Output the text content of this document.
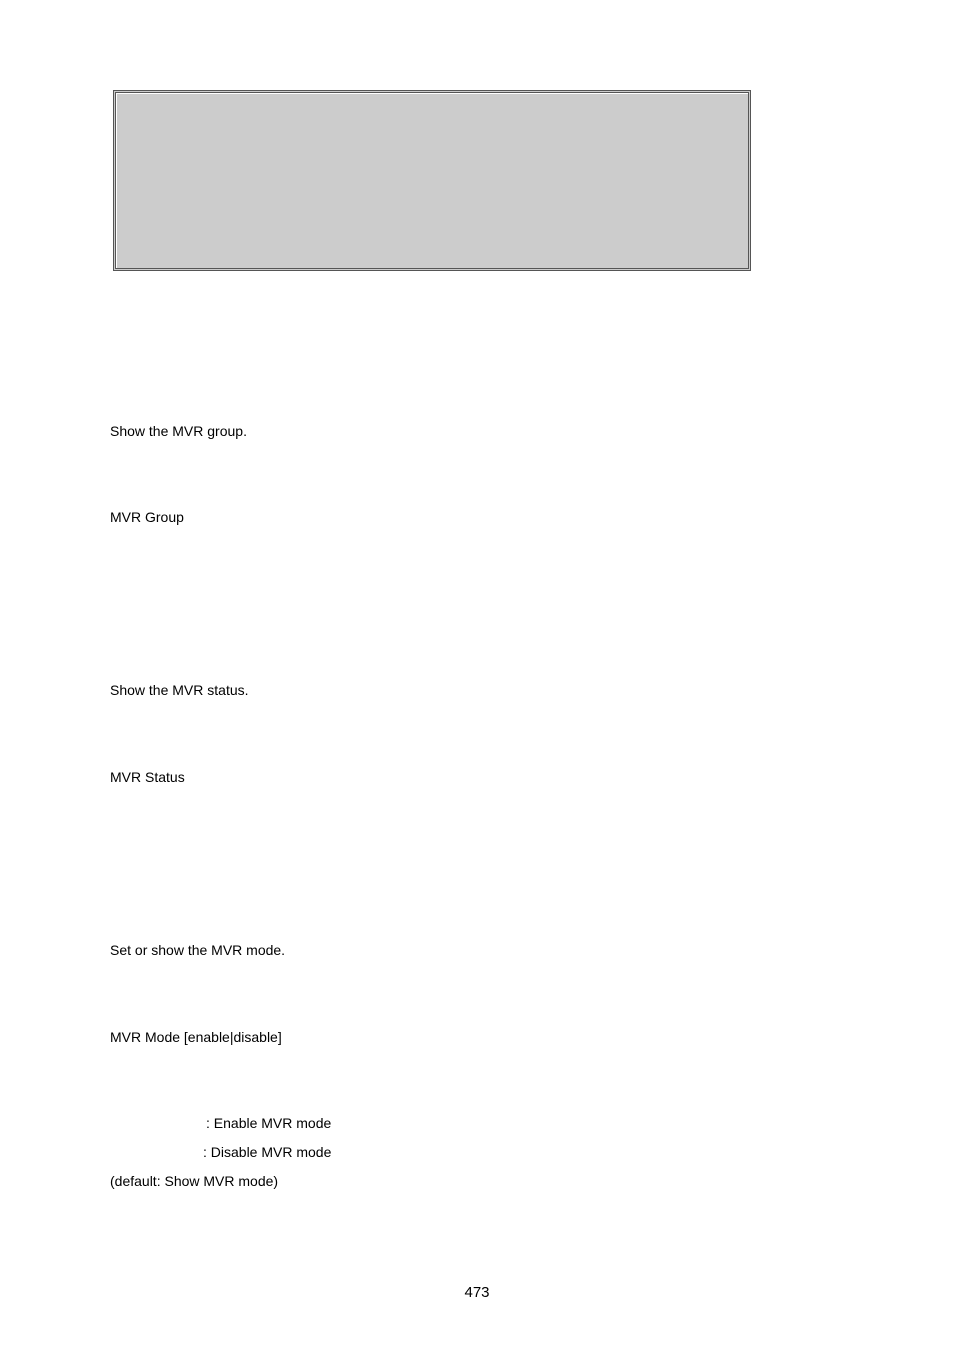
Show the MVR group.
MVR Group
Show the MVR status.
MVR Status
Set or show the MVR mode.
MVR Mode [enable|disable]
: Enable MVR mode
: Disable MVR mode
(default: Show MVR mode)
473
